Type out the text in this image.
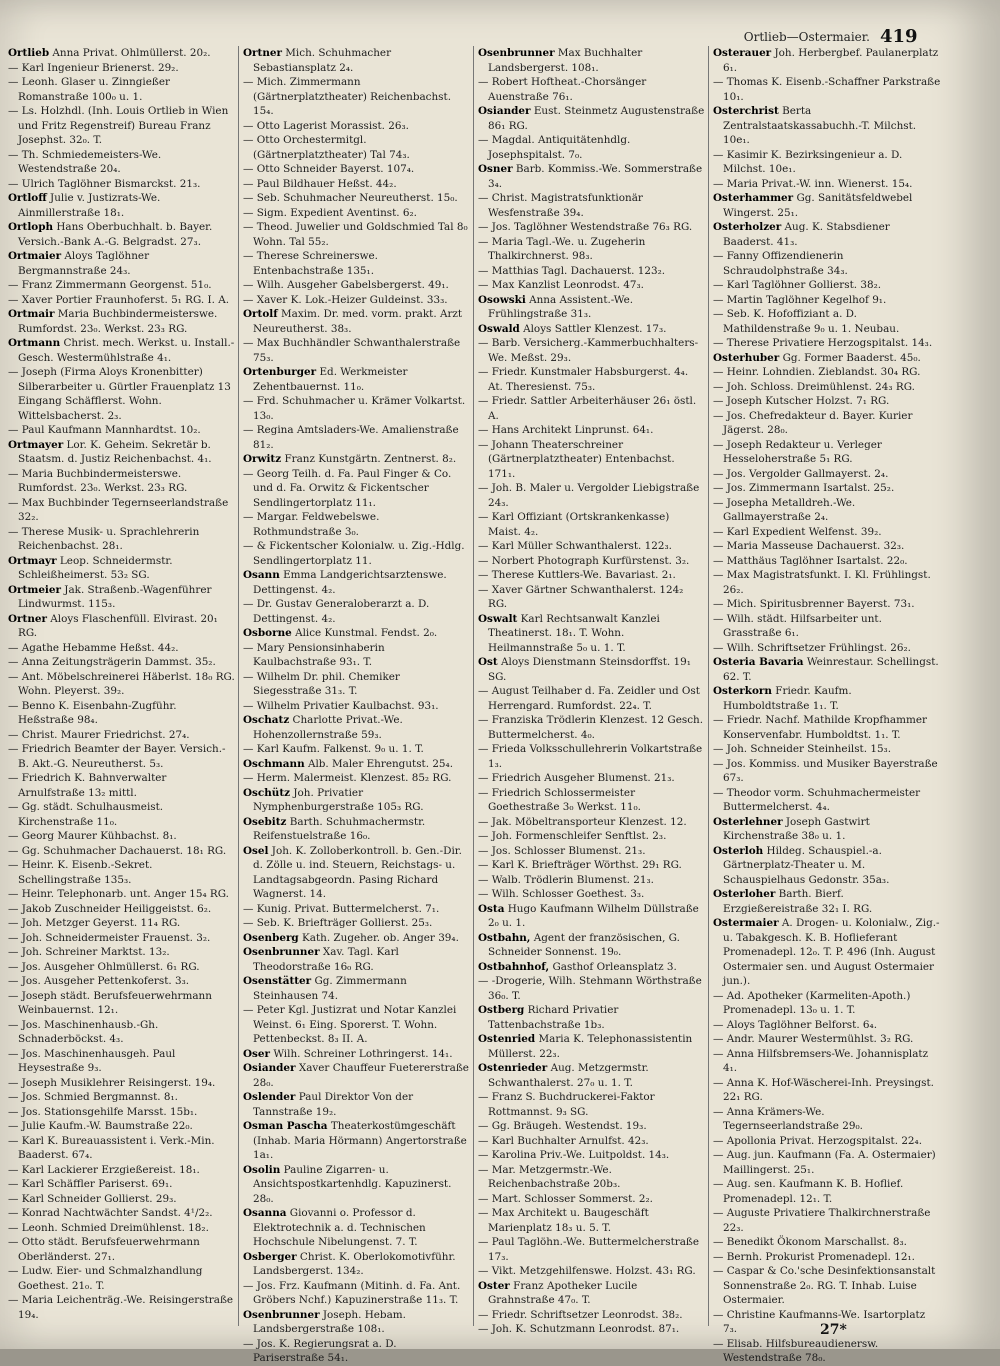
Ortlieb—Ostermaier. 419

Ortlieb Anna Privat. Ohlmüllerst. 20₂.

— Karl Ingenieur Brienerst. 29₂.

— Leonh. Glaser u. Zinngießer Romanstraße 100₀ u. 1.

— Ls. Holzhdl. (Inh. Louis Ortlieb in Wien und Fritz Regenstreif) Bureau Franz Josephst. 32₀. T.

— Th. Schmiedemeisters-We. Westendstraße 20₄.

— Ulrich Taglöhner Bismarckst. 21₃.

Ortloff Julie v. Justizrats-We. Ainmillerstraße 18₁.

Ortloph Hans Oberbuchhalt. b. Bayer. Versich.-Bank A.-G. Belgradst. 27₃.

Ortmaier Aloys Taglöhner Bergmannstraße 24₃.

— Franz Zimmermann Georgenst. 51₀.

— Xaver Portier Fraunhoferst. 5₁ RG. I. A.

Ortmair Maria Buchbindermeisterswe. Rumfordst. 23₀. Werkst. 23₃ RG.

Ortmann Christ. mech. Werkst. u. Install.-Gesch. Westermühlstraße 4₁.

— Joseph (Firma Aloys Kronenbitter) Silberarbeiter u. Gürtler Frauenplatz 13 Eingang Schäfflerst. Wohn. Wittelsbacherst. 2₃.

— Paul Kaufmann Mannhardtst. 10₂.

Ortmayer Lor. K. Geheim. Sekretär b. Staatsm. d. Justiz Reichenbachst. 4₁.

— Maria Buchbindermeisterswe. Rumfordst. 23₀. Werkst. 23₃ RG.

— Max Buchbinder Tegernseerlandstraße 32₂.

— Therese Musik- u. Sprachlehrerin Reichenbachst. 28₁.

Ortmayr Leop. Schneidermstr. Schleißheimerst. 53₂ SG.

Ortmeier Jak. Straßenb.-Wagenführer Lindwurmst. 115₃.

Ortner Aloys Flaschenfüll. Elvirast. 20₁ RG.

— Agathe Hebamme Heßst. 44₂.

— Anna Zeitungsträgerin Dammst. 35₂.

— Ant. Möbelschreinerei Häberlst. 18₀ RG. Wohn. Pleyerst. 39₂.

— Benno K. Eisenbahn-Zugführ. Heßstraße 98₄.

— Christ. Maurer Friedrichst. 27₄.

— Friedrich Beamter der Bayer. Versich.-B. Akt.-G. Neureutherst. 5₃.

— Friedrich K. Bahnverwalter Arnulfstraße 13₂ mittl.

— Gg. städt. Schulhausmeist. Kirchenstraße 11₀.

— Georg Maurer Kühbachst. 8₁.

— Gg. Schuhmacher Dachauerst. 18₁ RG.

— Heinr. K. Eisenb.-Sekret. Schellingstraße 135₃.

— Heinr. Telephonarb. unt. Anger 15₄ RG.

— Jakob Zuschneider Heiliggeistst. 6₂.

— Joh. Metzger Geyerst. 11₄ RG.

— Joh. Schneidermeister Frauenst. 3₂.

— Joh. Schreiner Marktst. 13₂.

— Jos. Ausgeher Ohlmüllerst. 6₁ RG.

— Jos. Ausgeher Pettenkoferst. 3₃.

— Joseph städt. Berufsfeuerwehrmann Weinbauernst. 12₁.

— Jos. Maschinenhausb.-Gh. Schnaderböckst. 4₃.

— Jos. Maschinenhausgeh. Paul Heysestraße 9₃.

— Joseph Musiklehrer Reisingerst. 19₄.

— Jos. Schmied Bergmannst. 8₁.

— Jos. Stationsgehilfe Marsst. 15b₁.

— Julie Kaufm.-W. Baumstraße 22₀.

— Karl K. Bureauassistent i. Verk.-Min. Baaderst. 67₄.

— Karl Lackierer Erzgießereist. 18₁.

— Karl Schäffler Pariserst. 69₁.

— Karl Schneider Gollierst. 29₃.

— Konrad Nachtwächter Sandst. 4¹/2₂.

— Leonh. Schmied Dreimühlenst. 18₂.

— Otto städt. Berufsfeuerwehrmann Oberländerst. 27₁.

— Ludw. Eier- und Schmalzhandlung Goethest. 21₀. T.

— Maria Leichenträg.-We. Reisingerstraße 19₄.

Ortner Mich. Schuhmacher Sebastiansplatz 2₄.

— Mich. Zimmermann (Gärtnerplatztheater) Reichenbachst. 15₄.

— Otto Lagerist Morassist. 26₃.

— Otto Orchestermitgl. (Gärtnerplatztheater) Tal 74₃.

— Otto Schneider Bayerst. 107₄.

— Paul Bildhauer Heßst. 44₂.

— Seb. Schuhmacher Neureutherst. 15₀.

— Sigm. Expedient Aventinst. 6₂.

— Theod. Juwelier und Goldschmied Tal 8₀ Wohn. Tal 55₂.

— Therese Schreinerswe. Entenbachstraße 135₁.

— Wilh. Ausgeher Gabelsbergerst. 49₁.

— Xaver K. Lok.-Heizer Guldeinst. 33₃.

Ortolf Maxim. Dr. med. vorm. prakt. Arzt Neureutherst. 38₃.

— Max Buchhändler Schwanthalerstraße 75₃.

Ortenburger Ed. Werkmeister Zehentbauernst. 11₀.

— Frd. Schuhmacher u. Krämer Volkartst. 13₀.

— Regina Amtsladers-We. Amalienstraße 81₂.

Orwitz Franz Kunstgärtn. Zentnerst. 8₂.

— Georg Teilh. d. Fa. Paul Finger & Co. und d. Fa. Orwitz & Fickentscher Sendlingertorplatz 11₁.

— Margar. Feldwebelswe. Rothmundstraße 3₀.

— & Fickentscher Kolonialw. u. Zig.-Hdlg. Sendlingertorplatz 11.

Osann Emma Landgerichtsarztenswe. Dettingenst. 4₂.

— Dr. Gustav Generaloberarzt a. D. Dettingenst. 4₂.

Osborne Alice Kunstmal. Fendst. 2₀.

— Mary Pensionsinhaberin Kaulbachstraße 93₁. T.

— Wilhelm Dr. phil. Chemiker Siegesstraße 31₃. T.

— Wilhelm Privatier Kaulbachst. 93₁.

Oschatz Charlotte Privat.-We. Hohenzollernstraße 59₃.

— Karl Kaufm. Falkenst. 9₀ u. 1. T.

Oschmann Alb. Maler Ehrengutst. 25₄.

— Herm. Malermeist. Klenzest. 85₂ RG.

Oschütz Joh. Privatier Nymphenburgerstraße 105₃ RG.

Osebitz Barth. Schuhmachermstr. Reifenstuelstraße 16₀.

Osel Joh. K. Zolloberkontroll. b. Gen.-Dir. d. Zölle u. ind. Steuern, Reichstags- u. Landtagsabgeordn. Pasing Richard Wagnerst. 14.

— Kunig. Privat. Buttermelcherst. 7₁.

— Seb. K. Briefträger Gollierst. 25₃.

Osenberg Kath. Zugeher. ob. Anger 39₄.

Osenbrunner Xav. Tagl. Karl Theodorstraße 16₀ RG.

Osenstätter Gg. Zimmermann Steinhausen 74.

— Peter Kgl. Justizrat und Notar Kanzlei Weinst. 6₁ Eing. Sporerst. T. Wohn. Pettenbeckst. 8₃ II. A.

Oser Wilh. Schreiner Lothringerst. 14₁.

Osiander Xaver Chauffeur Fuetererstraße 28₀.

Oslender Paul Direktor Von der Tannstraße 19₂.

Osman Pascha Theaterkostümgeschäft (Inhab. Maria Hörmann) Angertorstraße 1a₁.

Osolin Pauline Zigarren- u. Ansichtspostkartenhdlg. Kapuzinerst. 28₀.

Osanna Giovanni o. Professor d. Elektrotechnik a. d. Technischen Hochschule Nibelungenst. 7. T.

Osberger Christ. K. Oberlokomotivführ. Landsbergerst. 134₂.

— Jos. Frz. Kaufmann (Mitinh. d. Fa. Ant. Gröbers Nchf.) Kapuzinerstraße 11₃. T.

Osenbrunner Joseph. Hebam. Landsbergerstraße 108₁.

— Jos. K. Regierungsrat a. D. Pariserstraße 54₁.

Osenbrunner Max Buchhalter Landsbergerst. 108₁.

— Robert Hoftheat.-Chorsänger Auenstraße 76₁.

Osiander Eust. Steinmetz Augustenstraße 86₁ RG.

— Magdal. Antiquitätenhdlg. Josephspitalst. 7₀.

Osner Barb. Kommiss.-We. Sommerstraße 3₄.

— Christ. Magistratsfunktionär Wesfenstraße 39₄.

— Jos. Taglöhner Westendstraße 76₃ RG.

— Maria Tagl.-We. u. Zugeherin Thalkirchnerst. 98₃.

— Matthias Tagl. Dachauerst. 123₂.

— Max Kanzlist Leonrodst. 47₃.

Osowski Anna Assistent.-We. Frühlingstraße 31₃.

Oswald Aloys Sattler Klenzest. 17₃.

— Barb. Versicherg.-Kammerbuchhalters-We. Meßst. 29₃.

— Friedr. Kunstmaler Habsburgerst. 4₄. At. Theresienst. 75₃.

— Friedr. Sattler Arbeiterhäuser 26₁ östl. A.

— Hans Architekt Linprunst. 64₁.

— Johann Theaterschreiner (Gärtnerplatztheater) Entenbachst. 171₁.

— Joh. B. Maler u. Vergolder Liebigstraße 24₃.

— Karl Offiziant (Ortskrankenkasse) Maist. 4₂.

— Karl Müller Schwanthalerst. 122₃.

— Norbert Photograph Kurfürstenst. 3₂.

— Therese Kuttlers-We. Bavariast. 2₁.

— Xaver Gärtner Schwanthalerst. 124₂ RG.

Oswalt Karl Rechtsanwalt Kanzlei Theatinerst. 18₁. T. Wohn. Heilmannstraße 5₀ u. 1. T.

Ost Aloys Dienstmann Steinsdorffst. 19₁ SG.

— August Teilhaber d. Fa. Zeidler und Ost Herrengard. Rumfordst. 22₄. T.

— Franziska Trödlerin Klenzest. 12 Gesch. Buttermelcherst. 4₀.

— Frieda Volksschullehrerin Volkartstraße 1₃.

— Friedrich Ausgeher Blumenst. 21₃.

— Friedrich Schlossermeister Goethestraße 3₀ Werkst. 11₀.

— Jak. Möbeltransporteur Klenzest. 12.

— Joh. Formenschleifer Senftlst. 2₃.

— Jos. Schlosser Blumenst. 21₃.

— Karl K. Briefträger Wörthst. 29₁ RG.

— Walb. Trödlerin Blumenst. 21₃.

— Wilh. Schlosser Goethest. 3₃.

Osta Hugo Kaufmann Wilhelm Düllstraße 2₀ u. 1.

Ostbahn, Agent der französischen, G. Schneider Sonnenst. 19₀.

Ostbahnhof, Gasthof Orleansplatz 3.

— -Drogerie, Wilh. Stehmann Wörthstraße 36₀. T.

Ostberg Richard Privatier Tattenbachstraße 1b₃.

Ostenried Maria K. Telephonassistentin Müllerst. 22₃.

Ostenrieder Aug. Metzgermstr. Schwanthalerst. 27₀ u. 1. T.

— Franz S. Buchdruckerei-Faktor Rottmannst. 9₃ SG.

— Gg. Bräugeh. Westendst. 19₃.

— Karl Buchhalter Arnulfst. 42₃.

— Karolina Priv.-We. Luitpoldst. 14₃.

— Mar. Metzgermstr.-We. Reichenbachstraße 20b₃.

— Mart. Schlosser Sommerst. 2₂.

— Max Architekt u. Baugeschäft Marienplatz 18₃ u. 5. T.

— Paul Taglöhn.-We. Buttermelcherstraße 17₃.

— Vikt. Metzgehilfenswe. Holzst. 43₁ RG.

Oster Franz Apotheker Lucile Grahnstraße 47₀. T.

— Friedr. Schriftsetzer Leonrodst. 38₂.

— Joh. K. Schutzmann Leonrodst. 87₁.

Osterauer Joh. Herbergbef. Paulanerplatz 6₁.

— Thomas K. Eisenb.-Schaffner Parkstraße 10₁.

Osterchrist Berta Zentralstaatskassabuchh.-T. Milchst. 10e₁.

— Kasimir K. Bezirksingenieur a. D. Milchst. 10e₁.

— Maria Privat.-W. inn. Wienerst. 15₄.

Osterhammer Gg. Sanitätsfeldwebel Wingerst. 25₁.

Osterholzer Aug. K. Stabsdiener Baaderst. 41₃.

— Fanny Offizendienerin Schraudolphstraße 34₃.

— Karl Taglöhner Gollierst. 38₂.

— Martin Taglöhner Kegelhof 9₁.

— Seb. K. Hofoffiziant a. D. Mathildenstraße 9₀ u. 1. Neubau.

— Therese Privatiere Herzogspitalst. 14₃.

Osterhuber Gg. Former Baaderst. 45₀.

— Heinr. Lohndien. Zieblandst. 30₄ RG.

— Joh. Schloss. Dreimühlenst. 24₃ RG.

— Joseph Kutscher Holzst. 7₁ RG.

— Jos. Chefredakteur d. Bayer. Kurier Jägerst. 28₀.

— Joseph Redakteur u. Verleger Hesseloherstraße 5₁ RG.

— Jos. Vergolder Gallmayerst. 2₄.

— Jos. Zimmermann Isartalst. 25₂.

— Josepha Metalldreh.-We. Gallmayerstraße 2₄.

— Karl Expedient Welfenst. 39₂.

— Maria Masseuse Dachauerst. 32₃.

— Matthäus Taglöhner Isartalst. 22₀.

— Max Magistratsfunkt. I. Kl. Frühlingst. 26₂.

— Mich. Spiritusbrenner Bayerst. 73₁.

— Wilh. städt. Hilfsarbeiter unt. Grasstraße 6₁.

— Wilh. Schriftsetzer Frühlingst. 26₂.

Osteria Bavaria Weinrestaur. Schellingst. 62. T.

Osterkorn Friedr. Kaufm. Humboldtstraße 1₁. T.

— Friedr. Nachf. Mathilde Kropfhammer Konservenfabr. Humboldtst. 1₁. T.

— Joh. Schneider Steinheilst. 15₃.

— Jos. Kommiss. und Musiker Bayerstraße 67₃.

— Theodor vorm. Schuhmachermeister Buttermelcherst. 4₄.

Osterlehner Joseph Gastwirt Kirchenstraße 38₀ u. 1.

Osterloh Hildeg. Schauspiel.-a. Gärtnerplatz-Theater u. M. Schauspielhaus Gedonstr. 35a₃.

Osterloher Barth. Bierf. Erzgießereistraße 32₁ I. RG.

Ostermaier A. Drogen- u. Kolonialw., Zig.- u. Tabakgesch. K. B. Hoflieferant Promenadepl. 12₀. T. P. 496 (Inh. August Ostermaier sen. und August Ostermaier jun.).

— Ad. Apotheker (Karmeliten-Apoth.) Promenadepl. 13₀ u. 1. T.

— Aloys Taglöhner Belforst. 6₄.

— Andr. Maurer Westermühlst. 3₂ RG.

— Anna Hilfsbremsers-We. Johannisplatz 4₁.

— Anna K. Hof-Wäscherei-Inh. Preysingst. 22₁ RG.

— Anna Krämers-We. Tegernseerlandstraße 29₀.

— Apollonia Privat. Herzogspitalst. 22₄.

— Aug. jun. Kaufmann (Fa. A. Ostermaier) Maillingerst. 25₁.

— Aug. sen. Kaufmann K. B. Hoflief. Promenadepl. 12₁. T.

— Auguste Privatiere Thalkirchnerstraße 22₃.

— Benedikt Ökonom Marschallst. 8₃.

— Bernh. Prokurist Promenadepl. 12₁.

— Caspar & Co.'sche Desinfektionsanstalt Sonnenstraße 2₀. RG. T. Inhab. Luise Ostermaier.

— Christine Kaufmanns-We. Isartorplatz 7₃.

— Elisab. Hilfsbureaudienersw. Westendstraße 78₀.

27*
